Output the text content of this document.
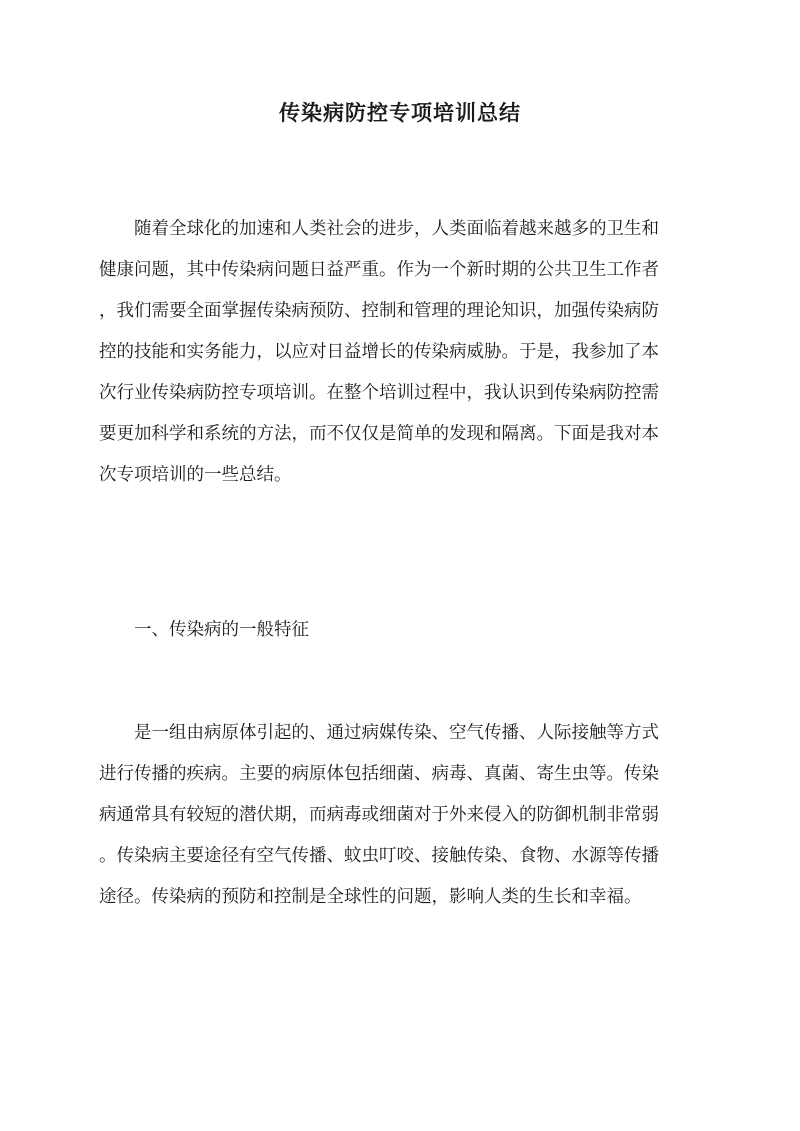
传染病防控专项培训总结
随着全球化的加速和人类社会的进步，人类面临着越来越多的卫生和
健康问题，其中传染病问题日益严重。作为一个新时期的公共卫生工作者
，我们需要全面掌握传染病预防、控制和管理的理论知识，加强传染病防
控的技能和实务能力，以应对日益增长的传染病威胁。于是，我参加了本
次行业传染病防控专项培训。在整个培训过程中，我认识到传染病防控需
要更加科学和系统的方法，而不仅仅是简单的发现和隔离。下面是我对本
次专项培训的一些总结。
一、传染病的一般特征
是一组由病原体引起的、通过病媒传染、空气传播、人际接触等方式
进行传播的疾病。主要的病原体包括细菌、病毒、真菌、寄生虫等。传染
病通常具有较短的潜伏期，而病毒或细菌对于外来侵入的防御机制非常弱
。传染病主要途径有空气传播、蚊虫叮咬、接触传染、食物、水源等传播
途径。传染病的预防和控制是全球性的问题，影响人类的生长和幸福。
